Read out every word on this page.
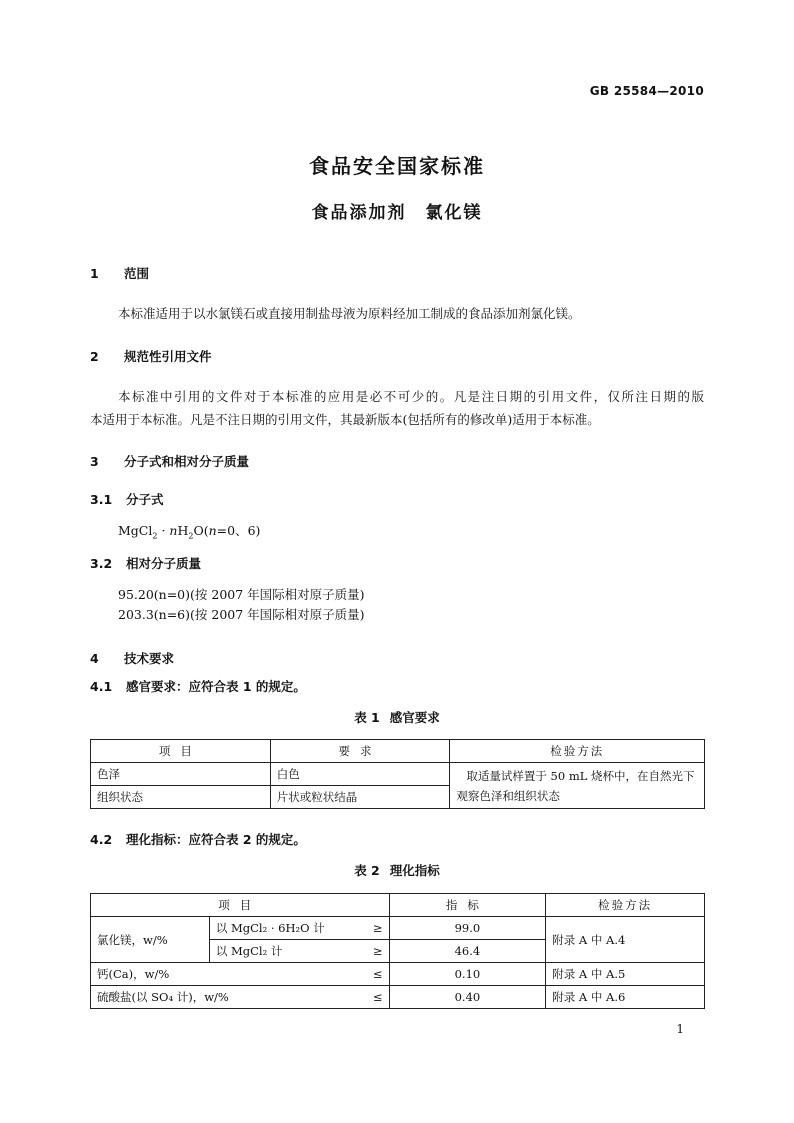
GB 25584—2010
食品安全国家标准
食品添加剂　氯化镁
1 范围
本标准适用于以水氯镁石或直接用制盐母液为原料经加工制成的食品添加剂氯化镁。
2 规范性引用文件
本标准中引用的文件对于本标准的应用是必不可少的。凡是注日期的引用文件，仅所注日期的版
本适用于本标准。凡是不注日期的引用文件，其最新版本(包括所有的修改单)适用于本标准。
3 分子式和相对分子质量
3.1 分子式
MgCl$_2$ · $nH_2O(n=0$、6)
3.2 相对分子质量
95.20(n=0)(按 2007 年国际相对原子质量)
203.3(n=6)(按 2007 年国际相对原子质量)
4 技术要求
4.1 感官要求：应符合表 1 的规定。
表 1 感官要求
项目	要求	检验方法
色泽	白色	取适量试样置于 50 mL 烧杯中，在自然光下
观察色泽和组织状态

组织状态	片状或粒状结晶	
4.2 理化指标：应符合表 2 的规定。
表 2 理化指标
项目			指标	检验方法
氯化镁，w/%	以 MgCl₂ · 6H₂O 计	≥	99.0	附录 A 中 A.4
	以 MgCl₂ 计	≥	46.4	
钙(Ca)，w/%		≤	0.10	附录 A 中 A.5
硫酸盐(以 SO₄ 计)，w/%		≤	0.40	附录 A 中 A.6
1
